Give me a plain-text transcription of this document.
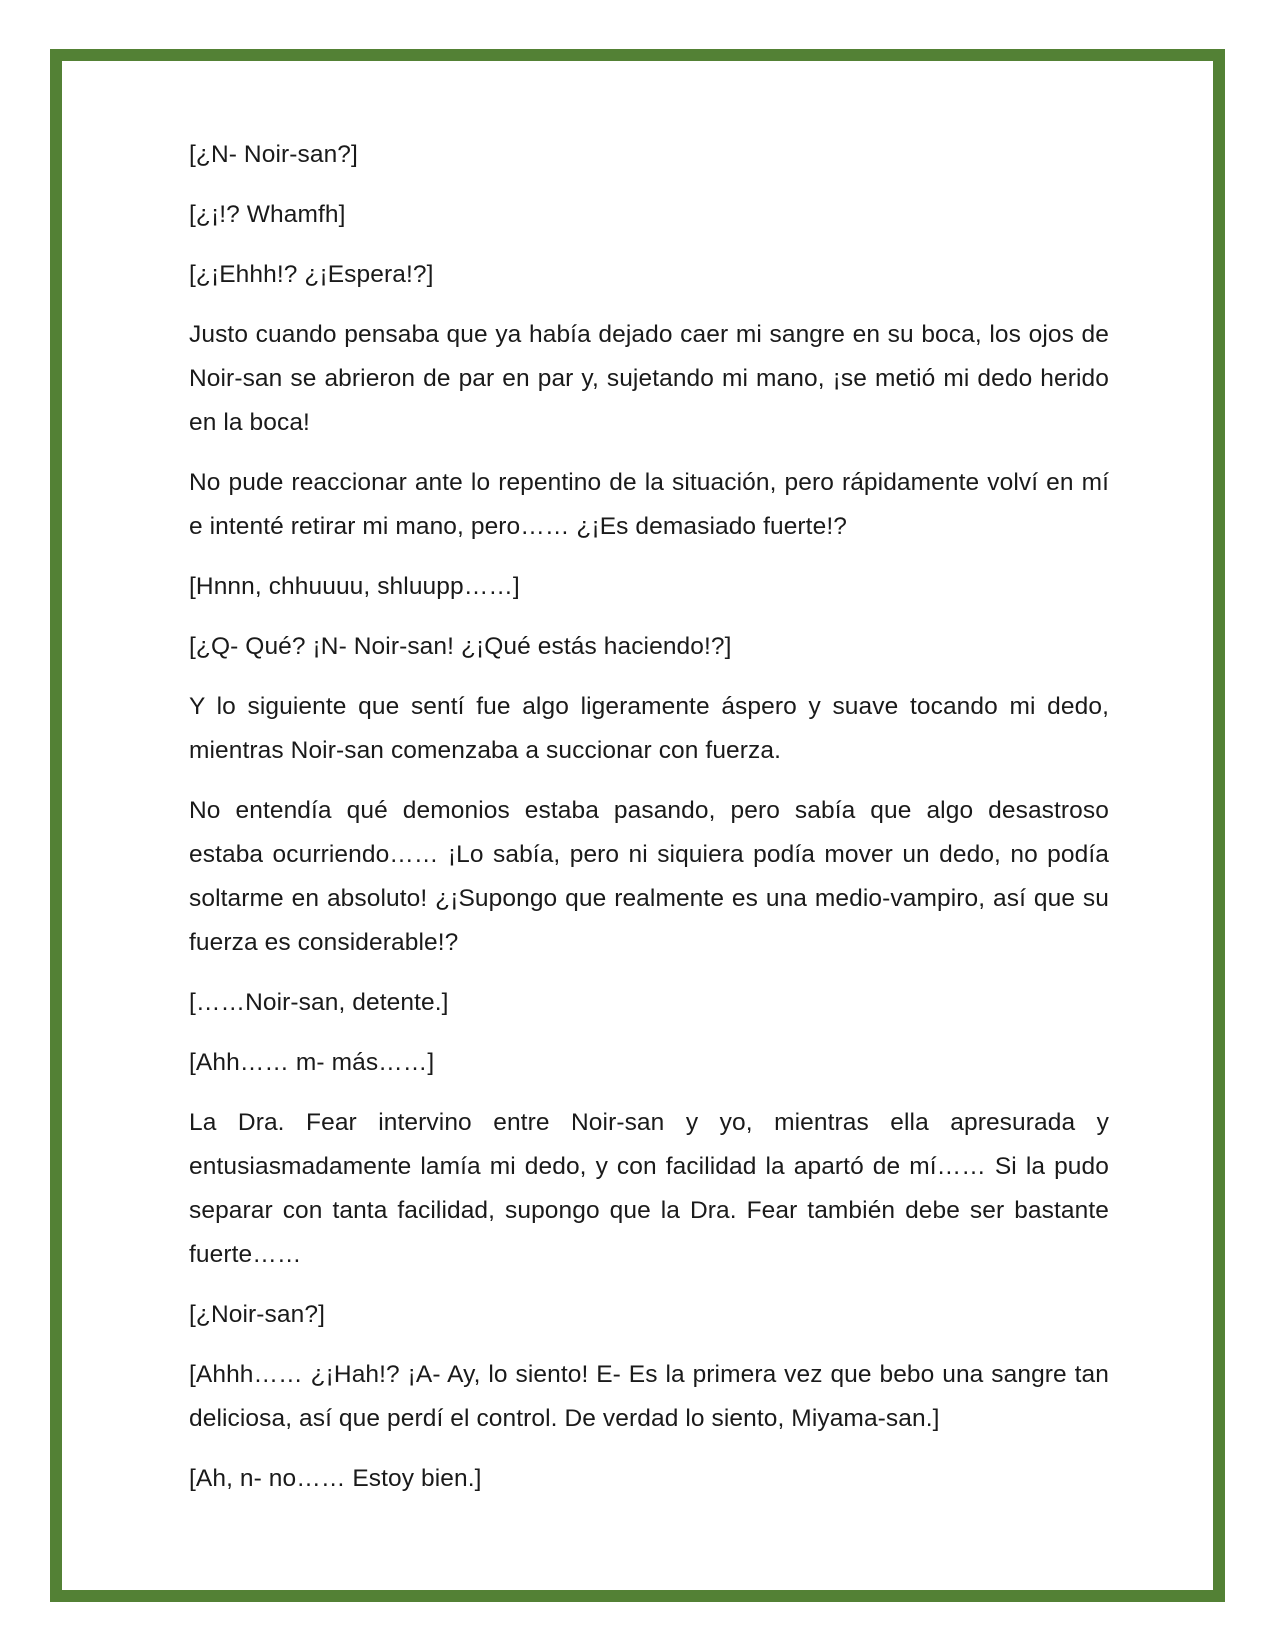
[¿N- Noir-san?]

[¿¡!? Whamfh]

[¿¡Ehhh!? ¿¡Espera!?]

Justo cuando pensaba que ya había dejado caer mi sangre en su boca, los ojos de Noir-san se abrieron de par en par y, sujetando mi mano, ¡se metió mi dedo herido en la boca!

No pude reaccionar ante lo repentino de la situación, pero rápidamente volví en mí e intenté retirar mi mano, pero…… ¿¡Es demasiado fuerte!?

[Hnnn, chhuuuu, shluupp……]

[¿Q- Qué? ¡N- Noir-san! ¿¡Qué estás haciendo!?]

Y lo siguiente que sentí fue algo ligeramente áspero y suave tocando mi dedo, mientras Noir-san comenzaba a succionar con fuerza.

No entendía qué demonios estaba pasando, pero sabía que algo desastroso estaba ocurriendo…… ¡Lo sabía, pero ni siquiera podía mover un dedo, no podía soltarme en absoluto! ¿¡Supongo que realmente es una medio-vampiro, así que su fuerza es considerable!?

[……Noir-san, detente.]

[Ahh…… m- más……]

La Dra. Fear intervino entre Noir-san y yo, mientras ella apresurada y entusiasmadamente lamía mi dedo, y con facilidad la apartó de mí…… Si la pudo separar con tanta facilidad, supongo que la Dra. Fear también debe ser bastante fuerte……

[¿Noir-san?]

[Ahhh…… ¿¡Hah!? ¡A- Ay, lo siento! E- Es la primera vez que bebo una sangre tan deliciosa, así que perdí el control. De verdad lo siento, Miyama-san.]

[Ah, n- no…… Estoy bien.]
